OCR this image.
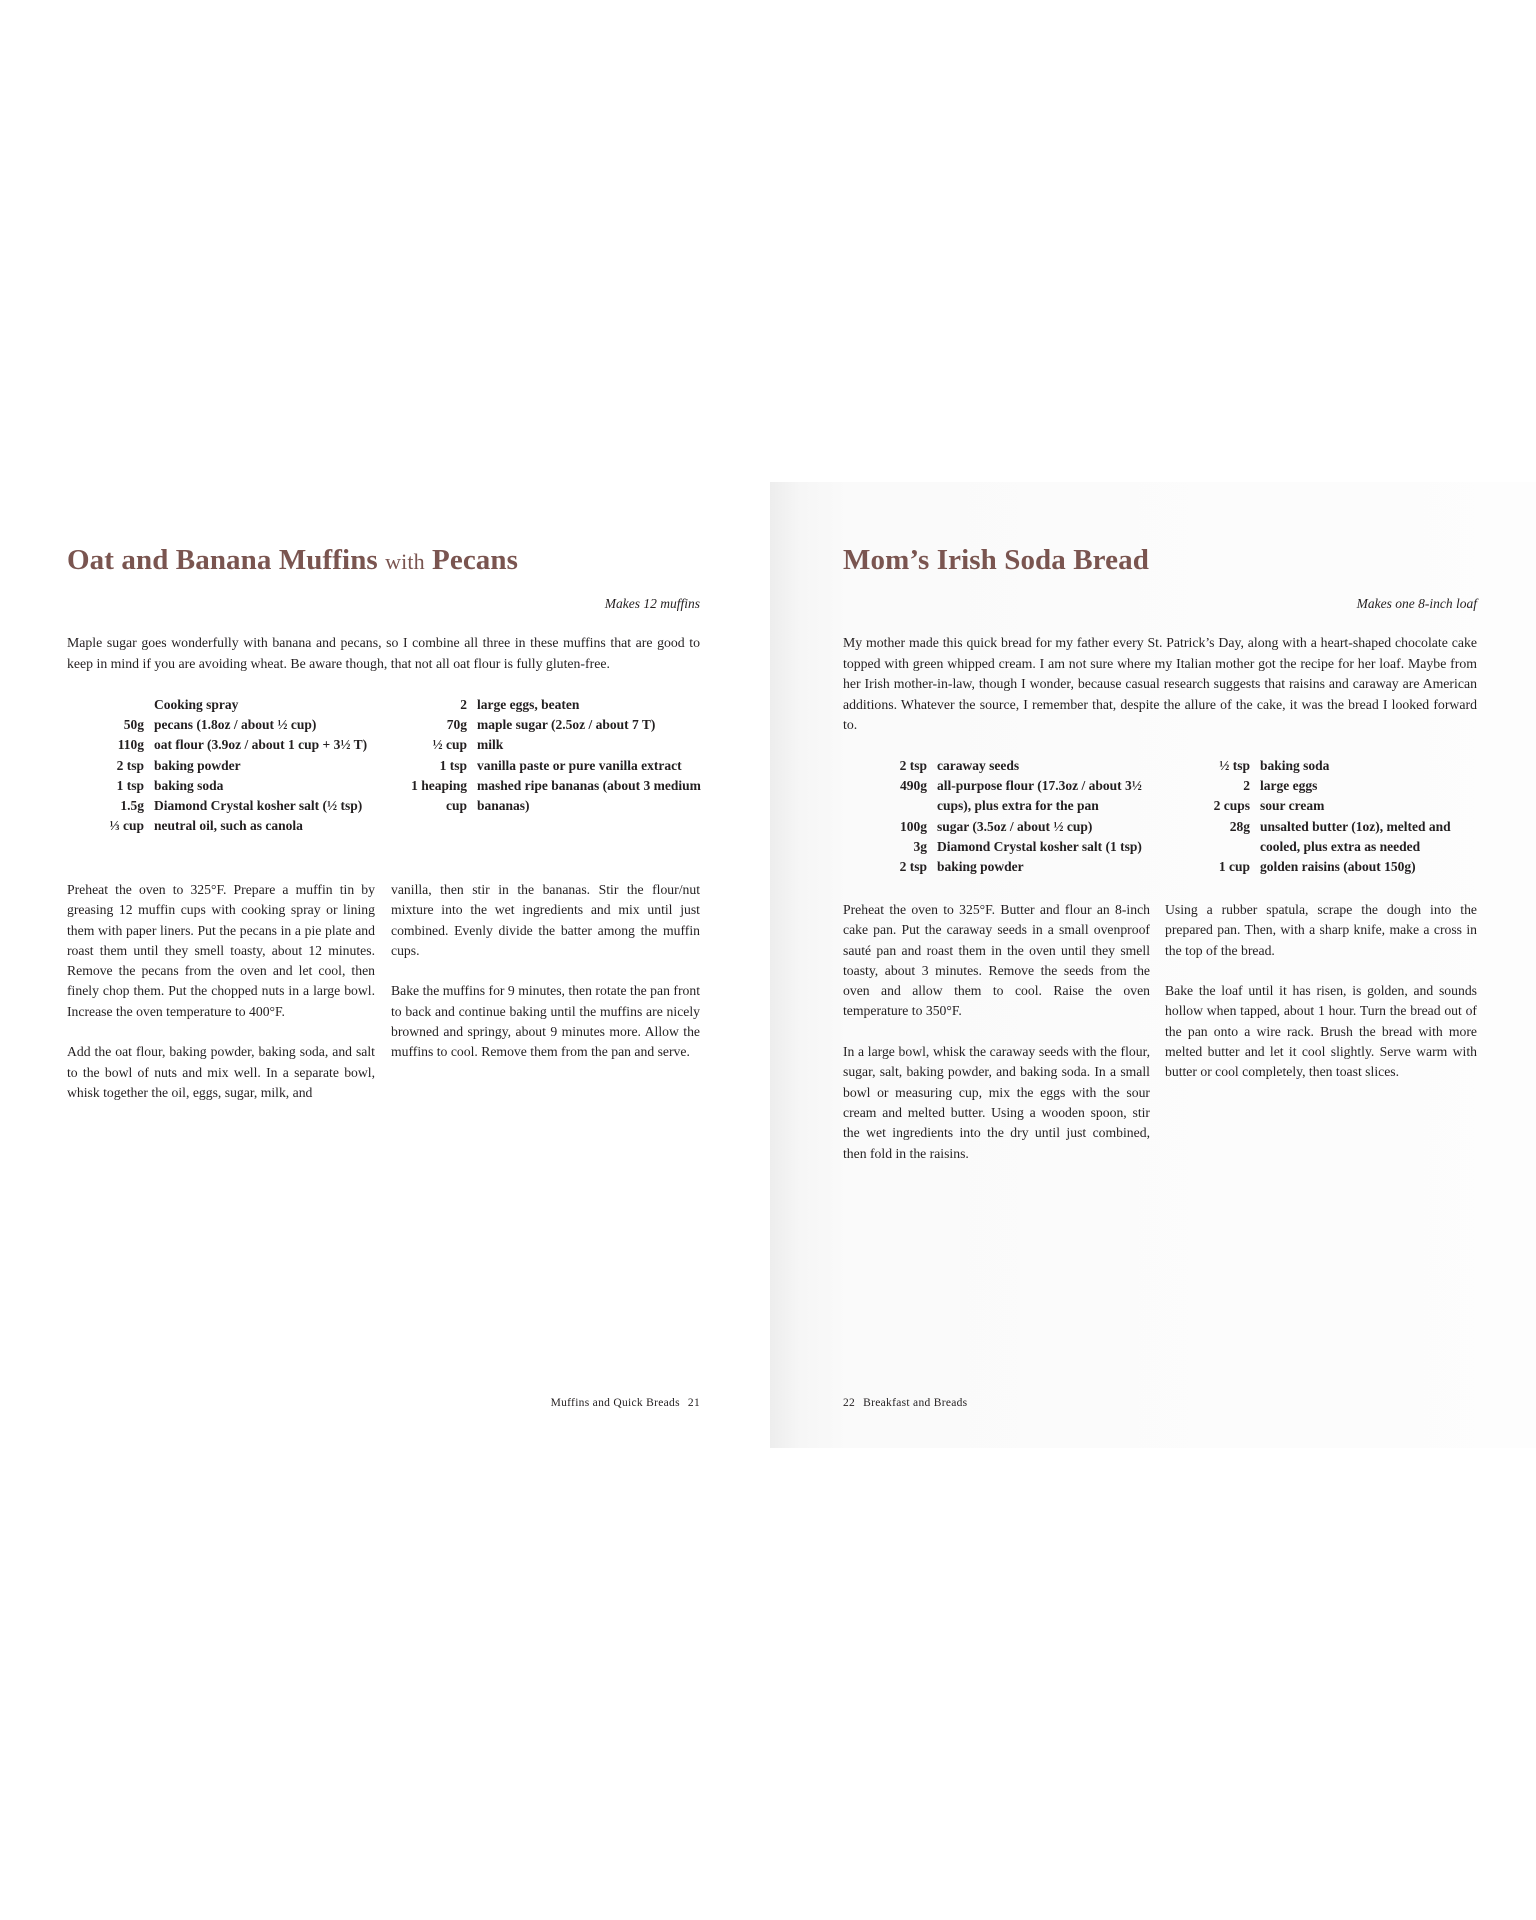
Oat and Banana Muffins with Pecans
Makes 12 muffins

Maple sugar goes wonderfully with banana and pecans, so I combine all three in these muffins that are good to keep in mind if you are avoiding wheat. Be aware though, that not all oat flour is fully gluten-free.

Cooking spray
50g pecans (1.8oz / about ½ cup)
110g oat flour (3.9oz / about 1 cup + 3½ T)
2 tsp baking powder
1 tsp baking soda
1.5g Diamond Crystal kosher salt (½ tsp)
⅓ cup neutral oil, such as canola
2 large eggs, beaten
70g maple sugar (2.5oz / about 7 T)
½ cup milk
1 tsp vanilla paste or pure vanilla extract
1 heaping cup
mashed ripe bananas (about 3 medium bananas)

Preheat the oven to 325°F. Prepare a muffin tin by greasing 12 muffin cups with cooking spray or lining them with paper liners. Put the pecans in a pie plate and roast them until they smell toasty, about 12 minutes. Remove the pecans from the oven and let cool, then finely chop them. Put the chopped nuts in a large bowl. Increase the oven temperature to 400°F.

Add the oat flour, baking powder, baking soda, and salt to the bowl of nuts and mix well. In a separate bowl, whisk together the oil, eggs, sugar, milk, and

vanilla, then stir in the bananas. Stir the flour/nut mixture into the wet ingredients and mix until just combined. Evenly divide the batter among the muffin cups.

Bake the muffins for 9 minutes, then rotate the pan front to back and continue baking until the muffins are nicely browned and springy, about 9 minutes more. Allow the muffins to cool. Remove them from the pan and serve.

Muffins and Quick Breads 21
Mom’s Irish Soda Bread
Makes one 8-inch loaf

My mother made this quick bread for my father every St. Patrick’s Day, along with a heart-shaped chocolate cake topped with green whipped cream. I am not sure where my Italian mother got the recipe for her loaf. Maybe from her Irish mother-in-law, though I wonder, because casual research suggests that raisins and caraway are American additions. Whatever the source, I remember that, despite the allure of the cake, it was the bread I looked forward to.

2 tsp caraway seeds
490g all-purpose flour (17.3oz / about 3½ cups), plus extra for the pan
100g sugar (3.5oz / about ½ cup)
3g Diamond Crystal kosher salt (1 tsp)
2 tsp baking powder
½ tsp baking soda
2 large eggs
2 cups sour cream
28g unsalted butter (1oz), melted and cooled, plus extra as needed
1 cup golden raisins (about 150g)

Preheat the oven to 325°F. Butter and flour an 8-inch cake pan. Put the caraway seeds in a small ovenproof sauté pan and roast them in the oven until they smell toasty, about 3 minutes. Remove the seeds from the oven and allow them to cool. Raise the oven temperature to 350°F.

In a large bowl, whisk the caraway seeds with the flour, sugar, salt, baking powder, and baking soda. In a small bowl or measuring cup, mix the eggs with the sour cream and melted butter. Using a wooden spoon, stir the wet ingredients into the dry until just combined, then fold in the raisins.

Using a rubber spatula, scrape the dough into the prepared pan. Then, with a sharp knife, make a cross in the top of the bread.

Bake the loaf until it has risen, is golden, and sounds hollow when tapped, about 1 hour. Turn the bread out of the pan onto a wire rack. Brush the bread with more melted butter and let it cool slightly. Serve warm with butter or cool completely, then toast slices.

22 Breakfast and Breads
